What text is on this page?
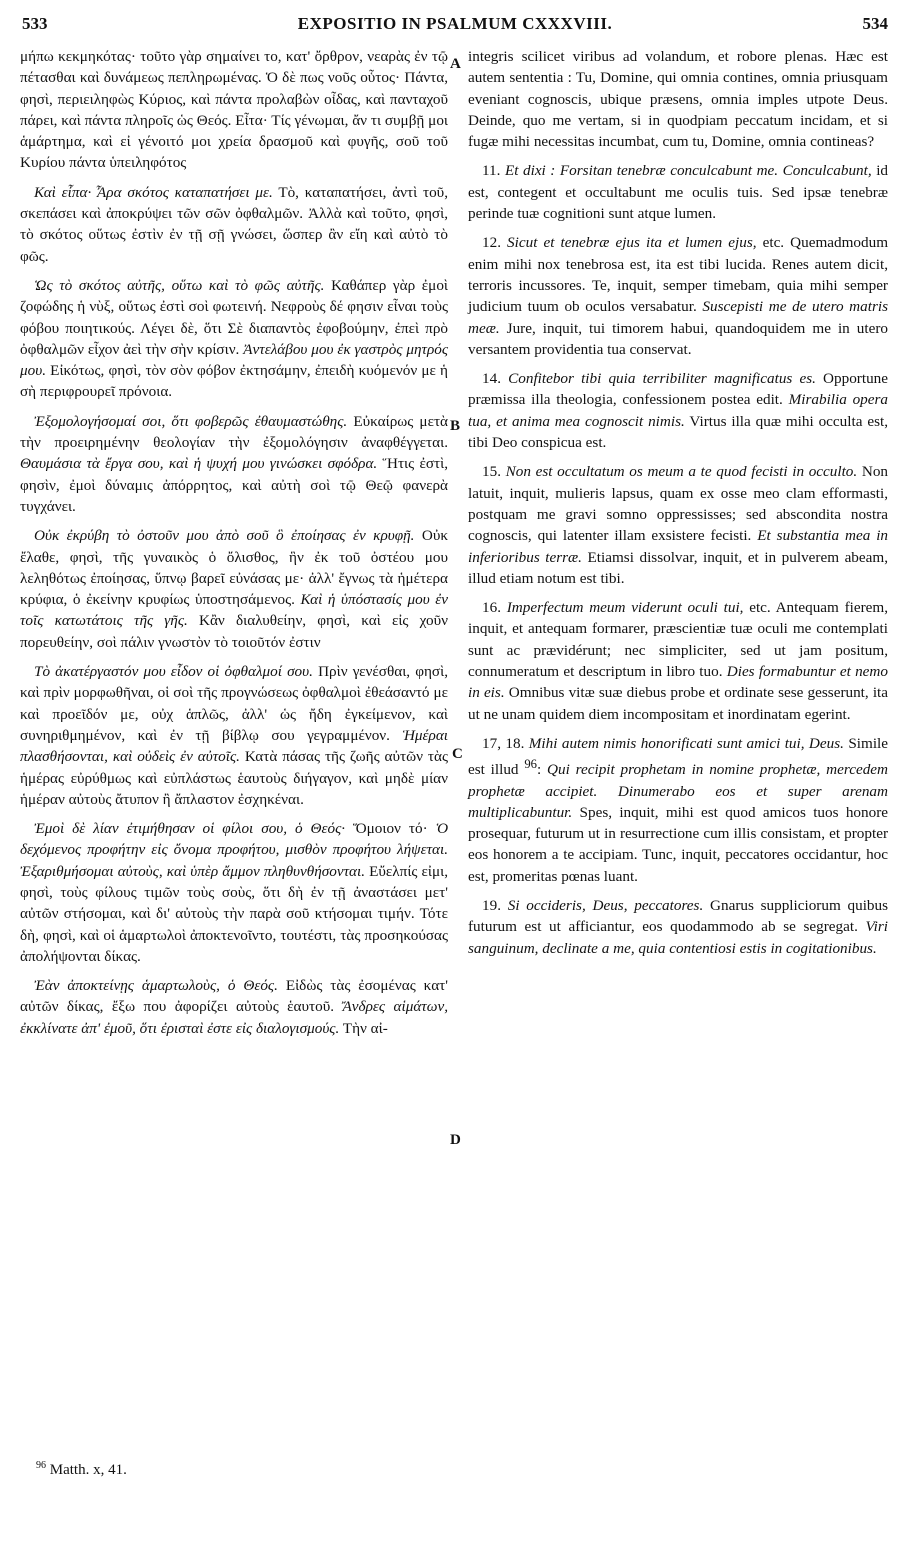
533	EXPOSITIO IN PSALMUM CXXXVIII.	534

μήπω κεκμηκότας· τοῦτο γὰρ σημαίνει το, κατ' ὄρθρον, νεαρὰς ἐν τῷ πέτασθαι καὶ δυνάμεως πεπληρωμένας. Ὁ δὲ πως νοῦς οὗτος· Πάντα, φησὶ, περιειληφὼς Κύριος, καὶ πάντα προλαβὼν οἶδας, καὶ πανταχοῦ πάρει, καὶ πάντα πληροῖς ὡς Θεός. Εἶτα· Τίς γένωμαι, ἄν τι συμβῇ μοι ἁμάρτημα, καὶ εἰ γένοιτό μοι χρεία δρασμοῦ καὶ φυγῆς, σοῦ τοῦ Κυρίου πάντα ὑπειληφότος

Καὶ εἶπα· Ἆρα σκότος καταπατήσει με. Τὸ, καταπατήσει, ἀντὶ τοῦ, σκεπάσει καὶ ἀποκρύψει τῶν σῶν ὀφθαλμῶν. Ἀλλὰ καὶ τοῦτο, φησὶ, τὸ σκότος οὕτως ἐστὶν ἐν τῇ σῇ γνώσει, ὥσπερ ἂν εἴη καὶ αὐτὸ τὸ φῶς.

Ὡς τὸ σκότος αὐτῆς, οὕτω καὶ τὸ φῶς αὐτῆς. Καθάπερ γὰρ ἐμοὶ ζοφώδης ἡ νὺξ, οὕτως ἐστὶ σοὶ φωτεινή. Νεφροὺς δέ φησιν εἶναι τοὺς φόβου ποιητικούς. Λέγει δὲ, ὅτι Σὲ διαπαντὸς ἐφοβούμην, ἐπεὶ πρὸ ὀφθαλμῶν εἶχον ἀεὶ τὴν σὴν κρίσιν. Ἀντελάβου μου ἐκ γαστρὸς μητρός μου. Εἰκότως, φησὶ, τὸν σὸν φόβον ἐκτησάμην, ἐπειδὴ κυόμενόν με ἡ σὴ περιφρουρεῖ πρόνοια.

Ἐξομολογήσομαί σοι, ὅτι φοβερῶς ἐθαυμαστώθης. Εὐκαίρως μετὰ τὴν προειρημένην θεολογίαν τὴν ἐξομολόγησιν ἀναφθέγγεται. Θαυμάσια τὰ ἔργα σου, καὶ ἡ ψυχή μου γινώσκει σφόδρα. Ἥτις ἐστὶ, φησὶν, ἐμοὶ δύναμις ἀπόρρητος, καὶ αὐτὴ σοὶ τῷ Θεῷ φανερὰ τυγχάνει.

Οὐκ ἐκρύβη τὸ ὀστοῦν μου ἀπὸ σοῦ ὃ ἐποίησας ἐν κρυφῇ. Οὐκ ἔλαθε, φησὶ, τῆς γυναικὸς ὁ ὄλισθος, ἣν ἐκ τοῦ ὀστέου μου λεληθότως ἐποίησας, ὕπνῳ βαρεῖ εὐνάσας με· ἀλλ' ἔγνως τὰ ἡμέτερα κρύφια, ὁ ἐκείνην κρυφίως ὑποστησάμενος. Καὶ ἡ ὑπόστασίς μου ἐν τοῖς κατωτάτοις τῆς γῆς. Κἂν διαλυθείην, φησὶ, καὶ εἰς χοῦν πορευθείην, σοὶ πάλιν γνωστὸν τὸ τοιοῦτόν ἐστιν

Τὸ ἀκατέργαστόν μου εἶδον οἱ ὀφθαλμοί σου. Πρὶν γενέσθαι, φησὶ, καὶ πρὶν μορφωθῆναι, οἱ σοὶ τῆς προγνώσεως ὀφθαλμοὶ ἐθεάσαντό με καὶ προεῖδόν με, οὐχ ἁπλῶς, ἀλλ' ὡς ἤδη ἐγκείμενον, καὶ συνηριθμημένον, καὶ ἐν τῇ βίβλῳ σου γεγραμμένον. Ἡμέραι πλασθήσονται, καὶ οὐδεὶς ἐν αὐτοῖς. Κατὰ πάσας τῆς ζωῆς αὐτῶν τὰς ἡμέρας εὐρύθμως καὶ εὐπλάστως ἑαυτοὺς διήγαγον, καὶ μηδὲ μίαν ἡμέραν αὐτοὺς ἄτυπον ἢ ἄπλαστον ἐσχηκέναι.

Ἐμοὶ δὲ λίαν ἐτιμήθησαν οἱ φίλοι σου, ὁ Θεός· Ὅμοιον τό· Ὁ δεχόμενος προφήτην εἰς ὄνομα προφήτου, μισθὸν προφήτου λήψεται. Ἐξαριθμήσομαι αὐτοὺς, καὶ ὑπὲρ ἄμμον πληθυνθήσονται. Εὔελπίς εἰμι, φησὶ, τοὺς φίλους τιμῶν τοὺς σοὺς, ὅτι δὴ ἐν τῇ ἀναστάσει μετ' αὐτῶν στήσομαι, καὶ δι' αὐτοὺς τὴν παρὰ σοῦ κτήσομαι τιμήν. Τότε δὴ, φησὶ, καὶ οἱ ἁμαρτωλοὶ ἀποκτενοῖντο, τουτέστι, τὰς προσηκούσας ἀπολήψονται δίκας.

Ἐὰν ἀποκτείνῃς ἁμαρτωλοὺς, ὁ Θεός. Εἰδὼς τὰς ἐσομένας κατ' αὐτῶν δίκας, ἔξω που ἀφορίζει αὐτοὺς ἑαυτοῦ. Ἄνδρες αἱμάτων, ἐκκλίνατε ἀπ' ἐμοῦ, ὅτι ἐρισταὶ ἐστε εἰς διαλογισμούς. Τὴν αἰ-

A
B
C
D

integris scilicet viribus ad volandum, et robore plenas. Hæc est autem sententia : Tu, Domine, qui omnia contines, omnia priusquam eveniant cognoscis, ubique præsens, omnia imples utpote Deus. Deinde, quo me vertam, si in quodpiam peccatum incidam, et si fugæ mihi necessitas incumbat, cum tu, Domine, omnia contineas?

11. Et dixi : Forsitan tenebræ conculcabunt me. Conculcabunt, id est, contegent et occultabunt me oculis tuis. Sed ipsæ tenebræ perinde tuæ cognitioni sunt atque lumen.

12. Sicut et tenebræ ejus ita et lumen ejus, etc. Quemadmodum enim mihi nox tenebrosa est, ita est tibi lucida. Renes autem dicit, terroris incussores. Te, inquit, semper timebam, quia mihi semper judicium tuum ob oculos versabatur. Suscepisti me de utero matris meæ. Jure, inquit, tui timorem habui, quandoquidem me in utero versantem providentia tua conservat.

14. Confitebor tibi quia terribiliter magnificatus es. Opportune præmissa illa theologia, confessionem postea edit. Mirabilia opera tua, et anima mea cognoscit nimis. Virtus illa quæ mihi occulta est, tibi Deo conspicua est.

15. Non est occultatum os meum a te quod fecisti in occulto. Non latuit, inquit, mulieris lapsus, quam ex osse meo clam efformasti, postquam me gravi somno oppressisses; sed abscondita nostra cognoscis, qui latenter illam exsistere fecisti. Et substantia mea in inferioribus terræ. Etiamsi dissolvar, inquit, et in pulverem abeam, illud etiam notum est tibi.

16. Imperfectum meum viderunt oculi tui, etc. Antequam fierem, inquit, et antequam formarer, præscientiæ tuæ oculi me contemplati sunt ac prævidérunt; nec simpliciter, sed ut jam positum, connumeratum et descriptum in libro tuo. Dies formabuntur et nemo in eis. Omnibus vitæ suæ diebus probe et ordinate sese gesserunt, ita ut ne unam quidem diem incompositam et inordinatam egerint.

17, 18. Mihi autem nimis honorificati sunt amici tui, Deus. Simile est illud $^{96}$: Qui recipit prophetam in nomine prophetæ, mercedem prophetæ accipiet. Dinumerabo eos et super arenam multiplicabuntur. Spes, inquit, mihi est quod amicos tuos honore prosequar, futurum ut in resurrectione cum illis consistam, et propter eos honorem a te accipiam. Tunc, inquit, peccatores occidantur, hoc est, promeritas pœnas luant.

19. Si occideris, Deus, peccatores. Gnarus suppliciorum quibus futurum est ut afficiantur, eos quodammodo ab se segregat. Viri sanguinum, declinate a me, quia contentiosi estis in cogitationibus.

$^{96}$ Matth. x, 41.
